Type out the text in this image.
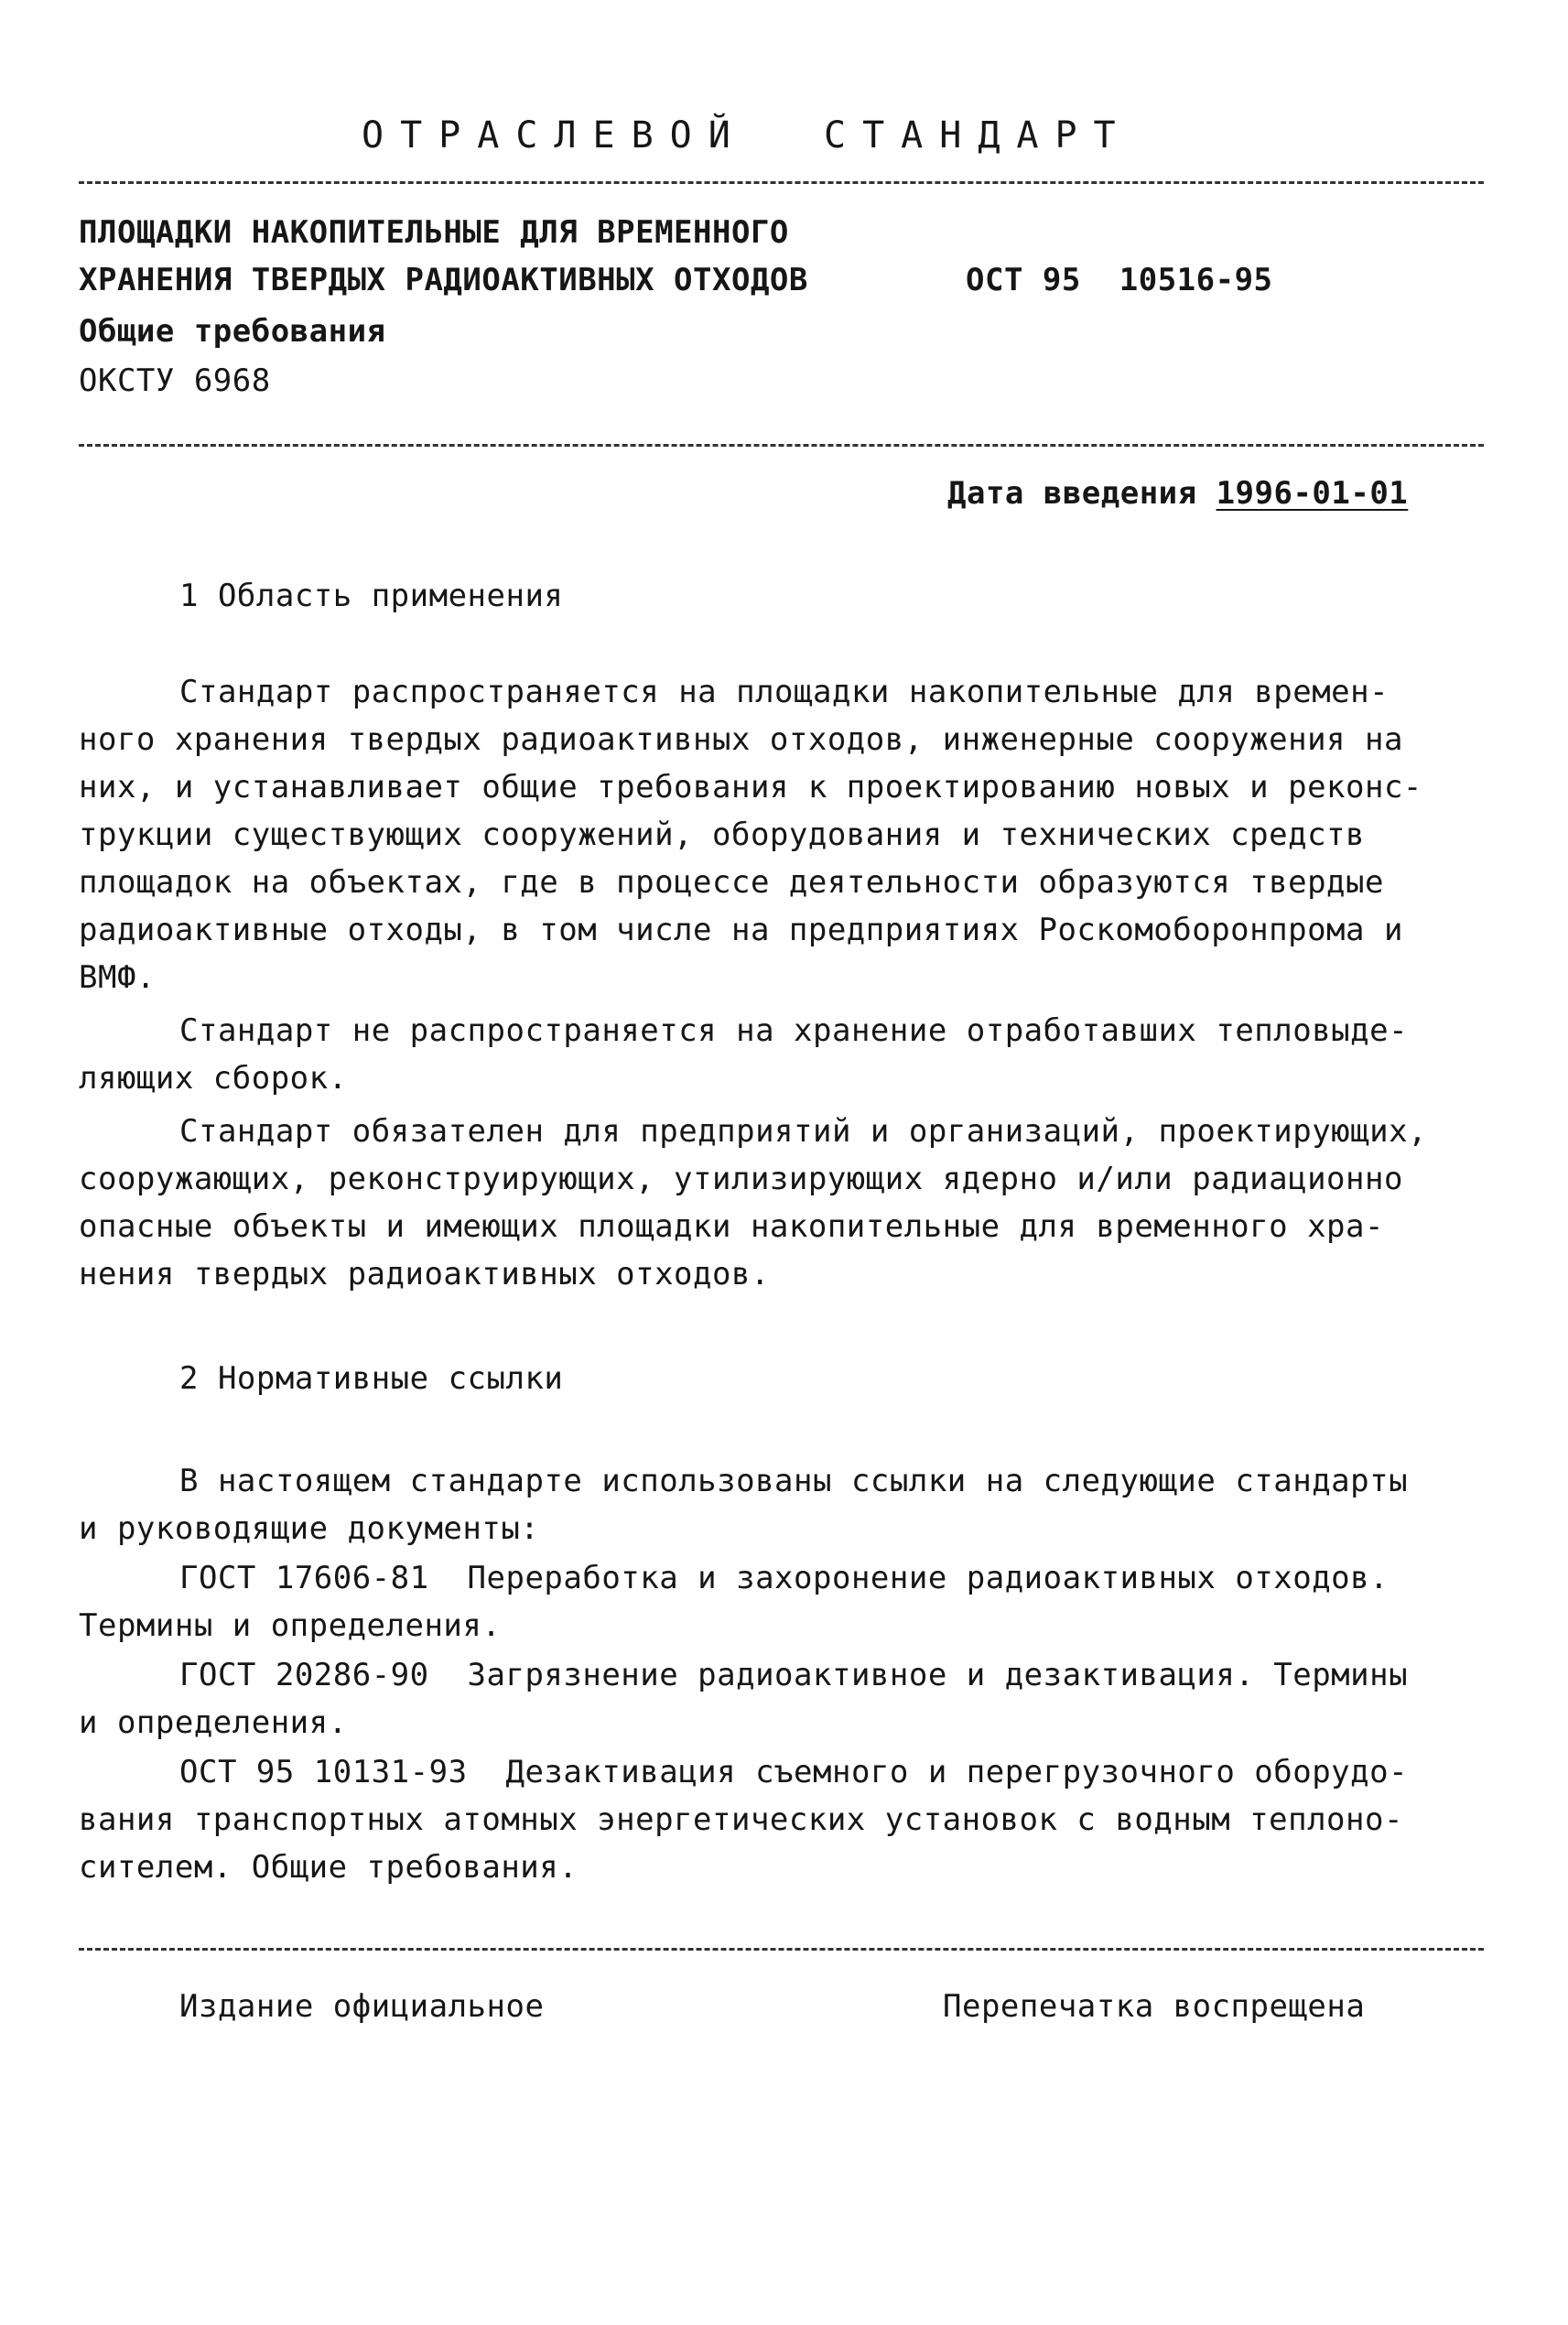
ОТРАСЛЕВОЙ  СТАНДАРТ
ПЛОЩАДКИ НАКОПИТЕЛЬНЫЕ ДЛЯ ВРЕМЕННОГО
ХРАНЕНИЯ ТВЕРДЫХ РАДИОАКТИВНЫХ ОТХОДОВ	ОСТ 95  10516-95
Общие требования
ОКСТУ 6968
Дата введения 1996-01-01
1 Область применения
Стандарт распространяется на площадки накопительные для времен-
ного хранения твердых радиоактивных отходов, инженерные сооружения на
них, и устанавливает общие требования к проектированию новых и реконс-
трукции существующих сооружений, оборудования и технических средств
площадок на объектах, где в процессе деятельности образуются твердые
радиоактивные отходы, в том числе на предприятиях Роскомоборонпрома и
ВМФ.
Стандарт не распространяется на хранение отработавших тепловыде-
ляющих сборок.
Стандарт обязателен для предприятий и организаций, проектирующих,
сооружающих, реконструирующих, утилизирующих ядерно и/или радиационно
опасные объекты и имеющих площадки накопительные для временного хра-
нения твердых радиоактивных отходов.
2 Нормативные ссылки
В настоящем стандарте использованы ссылки на следующие стандарты
и руководящие документы:
ГОСТ 17606-81  Переработка и захоронение радиоактивных отходов.
Термины и определения.
ГОСТ 20286-90  Загрязнение радиоактивное и дезактивация. Термины
и определения.
ОСТ 95 10131-93  Дезактивация съемного и перегрузочного оборудо-
вания транспортных атомных энергетических установок с водным теплоно-
сителем. Общие требования.
Издание официальное	Перепечатка воспрещена
